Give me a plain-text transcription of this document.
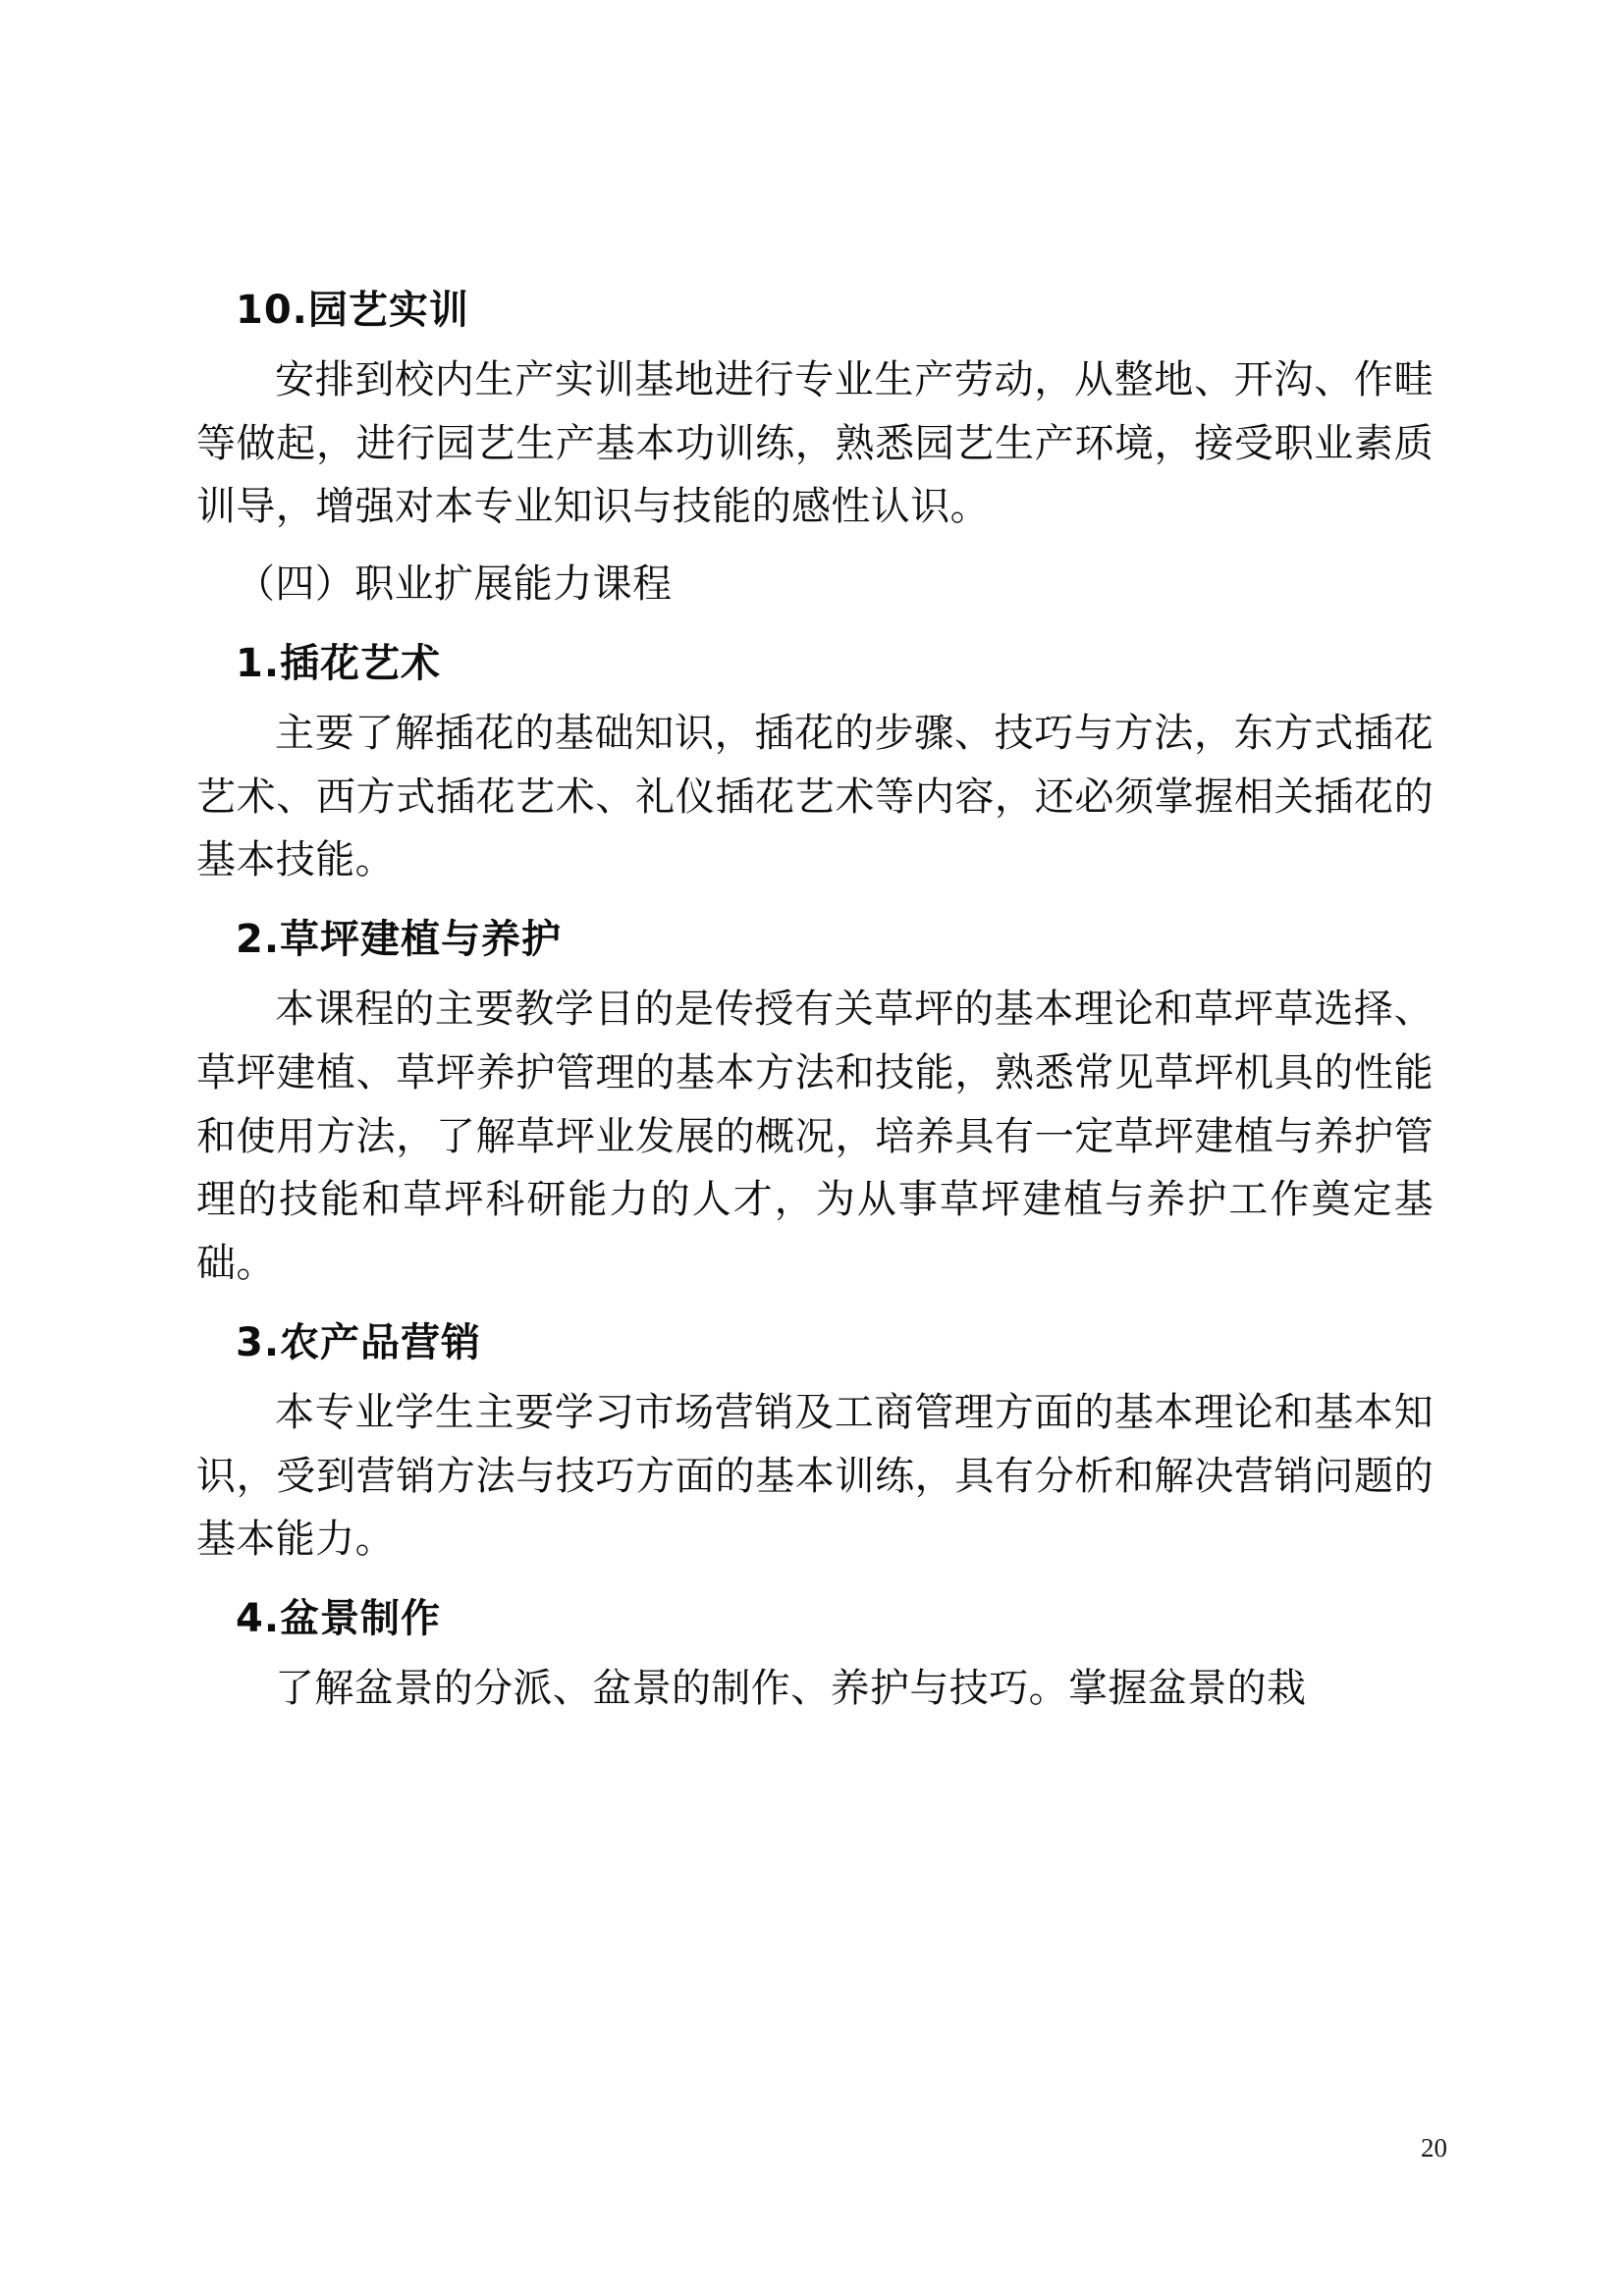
10.园艺实训

安排到校内生产实训基地进行专业生产劳动，从整地、开沟、作畦等做起，进行园艺生产基本功训练，熟悉园艺生产环境，接受职业素质训导，增强对本专业知识与技能的感性认识。

（四）职业扩展能力课程

1.插花艺术

主要了解插花的基础知识，插花的步骤、技巧与方法，东方式插花艺术、西方式插花艺术、礼仪插花艺术等内容，还必须掌握相关插花的基本技能。

2.草坪建植与养护

本课程的主要教学目的是传授有关草坪的基本理论和草坪草选择、草坪建植、草坪养护管理的基本方法和技能，熟悉常见草坪机具的性能和使用方法，了解草坪业发展的概况，培养具有一定草坪建植与养护管理的技能和草坪科研能力的人才，为从事草坪建植与养护工作奠定基础。

3.农产品营销

本专业学生主要学习市场营销及工商管理方面的基本理论和基本知识，受到营销方法与技巧方面的基本训练，具有分析和解决营销问题的基本能力。

4.盆景制作

了解盆景的分派、盆景的制作、养护与技巧。掌握盆景的栽

20
